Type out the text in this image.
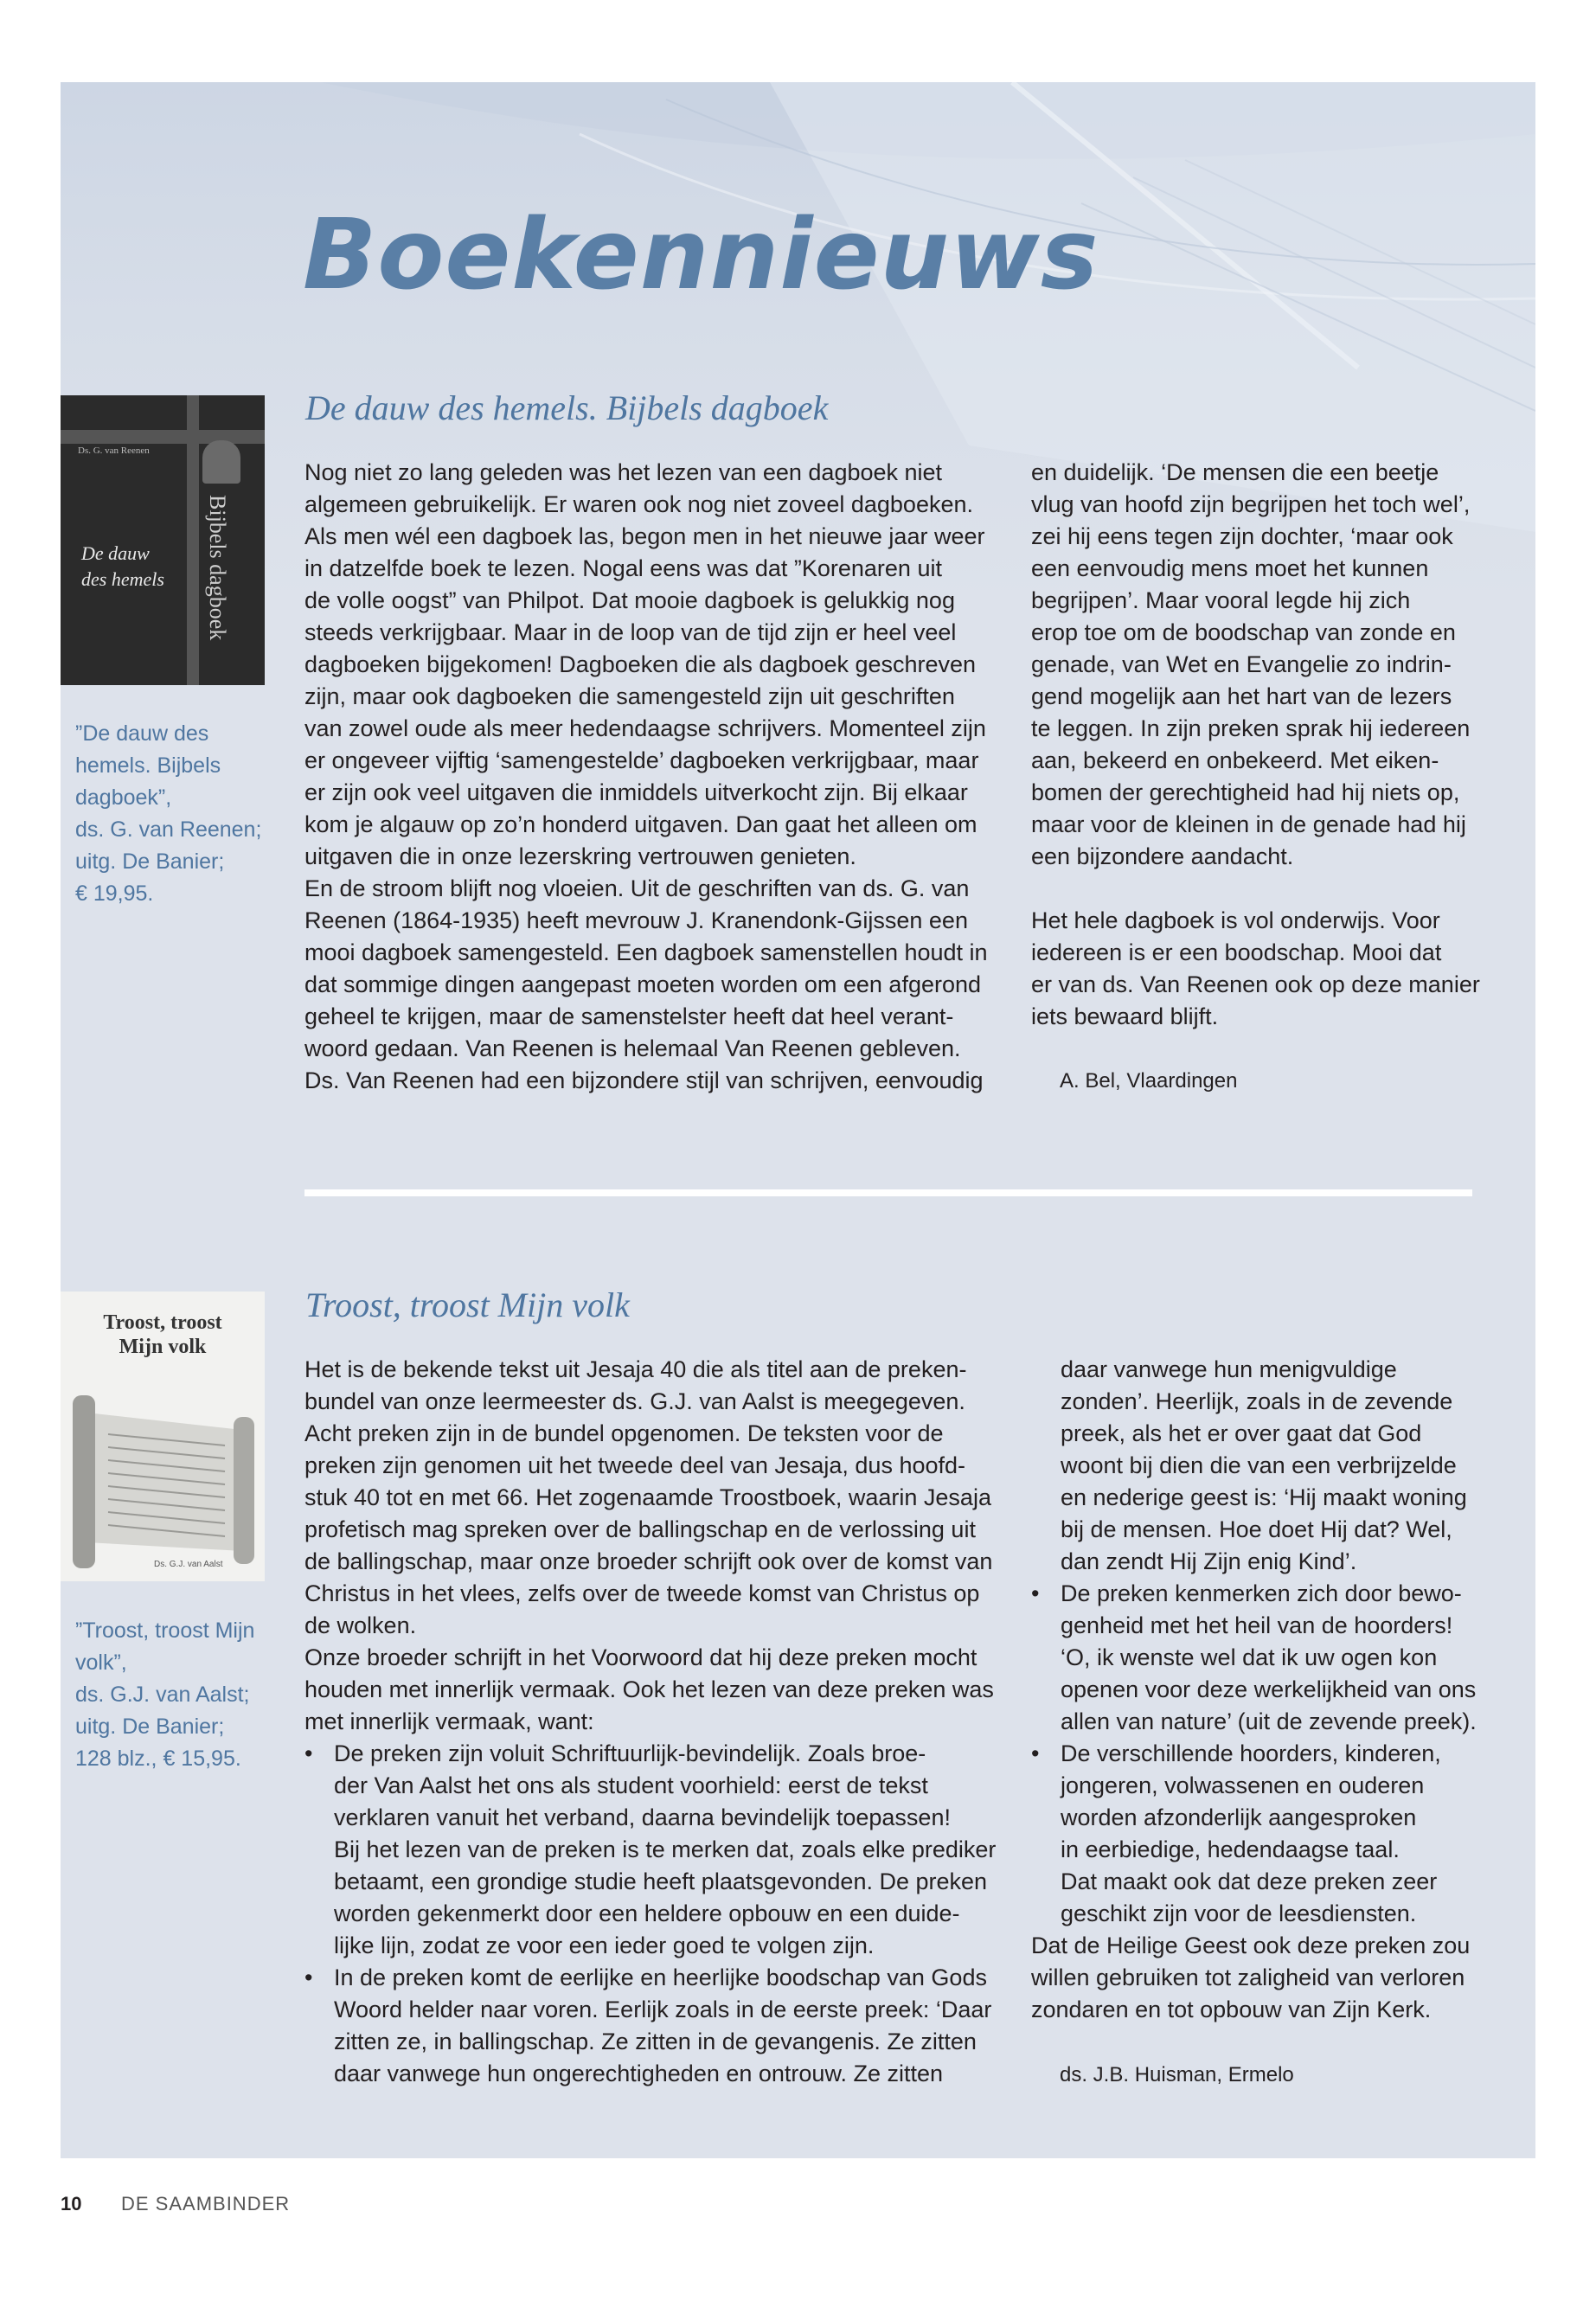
Boekennieuws
De dauw des hemels. Bijbels dagboek
Ds. G. van Reenen
De dauw
des hemels Bijbels dagboek
”De dauw des
hemels. Bijbels
dagboek”,
ds. G. van Reenen;
uitg. De Banier;
€ 19,95.
Nog niet zo lang geleden was het lezen van een dagboek niet
algemeen gebruikelijk. Er waren ook nog niet zoveel dagboeken.
Als men wél een dagboek las, begon men in het nieuwe jaar weer
in datzelfde boek te lezen. Nogal eens was dat ”Korenaren uit
de volle oogst” van Philpot. Dat mooie dagboek is gelukkig nog
steeds verkrijgbaar. Maar in de loop van de tijd zijn er heel veel
dagboeken bijgekomen! Dagboeken die als dagboek geschreven
zijn, maar ook dagboeken die samengesteld zijn uit geschriften
van zowel oude als meer hedendaagse schrijvers. Momenteel zijn
er ongeveer vijftig ‘samengestelde’ dagboeken verkrijgbaar, maar
er zijn ook veel uitgaven die inmiddels uitverkocht zijn. Bij elkaar
kom je algauw op zo’n honderd uitgaven. Dan gaat het alleen om
uitgaven die in onze lezerskring vertrouwen genieten.
En de stroom blijft nog vloeien. Uit de geschriften van ds. G. van
Reenen (1864-1935) heeft mevrouw J. Kranendonk-Gijssen een
mooi dagboek samengesteld. Een dagboek samenstellen houdt in
dat sommige dingen aangepast moeten worden om een afgerond
geheel te krijgen, maar de samenstelster heeft dat heel verant-
woord gedaan. Van Reenen is helemaal Van Reenen gebleven.
Ds. Van Reenen had een bijzondere stijl van schrijven, eenvoudig
en duidelijk. ‘De mensen die een beetje
vlug van hoofd zijn begrijpen het toch wel’,
zei hij eens tegen zijn dochter, ‘maar ook
een eenvoudig mens moet het kunnen
begrijpen’. Maar vooral legde hij zich
erop toe om de boodschap van zonde en
genade, van Wet en Evangelie zo indrin-
gend mogelijk aan het hart van de lezers
te leggen. In zijn preken sprak hij iedereen
aan, bekeerd en onbekeerd. Met eiken-
bomen der gerechtigheid had hij niets op,
maar voor de kleinen in de genade had hij
een bijzondere aandacht.
Het hele dagboek is vol onderwijs. Voor
iedereen is er een boodschap. Mooi dat
er van ds. Van Reenen ook op deze manier
iets bewaard blijft.
A. Bel, Vlaardingen
Troost, troost Mijn volk
Troost, troost
Mijn volk
Ds. G.J. van Aalst
”Troost, troost Mijn
volk”,
ds. G.J. van Aalst;
uitg. De Banier;
128 blz., € 15,95.
Het is de bekende tekst uit Jesaja 40 die als titel aan de preken-
bundel van onze leermeester ds. G.J. van Aalst is meegegeven.
Acht preken zijn in de bundel opgenomen. De teksten voor de
preken zijn genomen uit het tweede deel van Jesaja, dus hoofd-
stuk 40 tot en met 66. Het zogenaamde Troostboek, waarin Jesaja
profetisch mag spreken over de ballingschap en de verlossing uit
de ballingschap, maar onze broeder schrijft ook over de komst van
Christus in het vlees, zelfs over de tweede komst van Christus op
de wolken.
Onze broeder schrijft in het Voorwoord dat hij deze preken mocht
houden met innerlijk vermaak. Ook het lezen van deze preken was
met innerlijk vermaak, want:
• De preken zijn voluit Schriftuurlijk-bevindelijk. Zoals broe-
der Van Aalst het ons als student voorhield: eerst de tekst
verklaren vanuit het verband, daarna bevindelijk toepassen!
Bij het lezen van de preken is te merken dat, zoals elke prediker
betaamt, een grondige studie heeft plaatsgevonden. De preken
worden gekenmerkt door een heldere opbouw en een duide-
lijke lijn, zodat ze voor een ieder goed te volgen zijn.
• In de preken komt de eerlijke en heerlijke boodschap van Gods
Woord helder naar voren. Eerlijk zoals in de eerste preek: ‘Daar
zitten ze, in ballingschap. Ze zitten in de gevangenis. Ze zitten
daar vanwege hun ongerechtigheden en ontrouw. Ze zitten
daar vanwege hun menigvuldige
zonden’. Heerlijk, zoals in de zevende
preek, als het er over gaat dat God
woont bij dien die van een verbrijzelde
en nederige geest is: ‘Hij maakt woning
bij de mensen. Hoe doet Hij dat? Wel,
dan zendt Hij Zijn enig Kind’.
• De preken kenmerken zich door bewo-
genheid met het heil van de hoorders!
‘O, ik wenste wel dat ik uw ogen kon
openen voor deze werkelijkheid van ons
allen van nature’ (uit de zevende preek).
• De verschillende hoorders, kinderen,
jongeren, volwassenen en ouderen
worden afzonderlijk aangesproken
in eerbiedige, hedendaagse taal.
Dat maakt ook dat deze preken zeer
geschikt zijn voor de leesdiensten.
Dat de Heilige Geest ook deze preken zou
willen gebruiken tot zaligheid van verloren
zondaren en tot opbouw van Zijn Kerk.
ds. J.B. Huisman, Ermelo
10 DE SAAMBINDER
